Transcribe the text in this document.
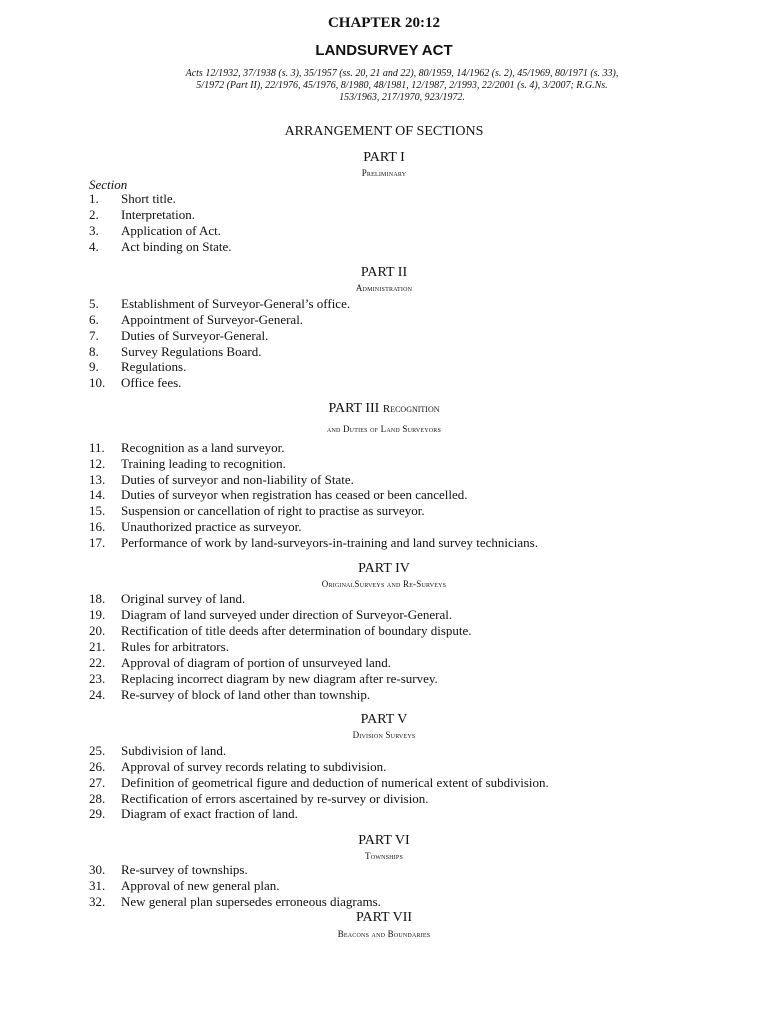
CHAPTER 20:12
LANDSURVEY ACT
Acts 12/1932, 37/1938 (s. 3), 35/1957 (ss. 20, 21 and 22), 80/1959, 14/1962 (s. 2), 45/1969, 80/1971 (s. 33),
5/1972 (Part II), 22/1976, 45/1976, 8/1980, 48/1981, 12/1987, 2/1993, 22/2001 (s. 4), 3/2007; R.G.Ns.
153/1963, 217/1970, 923/1972.
ARRANGEMENT OF SECTIONS
PART I
Preliminary
Section
1. Short title.
2. Interpretation.
3. Application of Act.
4. Act binding on State.
PART II
Administration
5. Establishment of Surveyor-General’s office.
6. Appointment of Surveyor-General.
7. Duties of Surveyor-General.
8. Survey Regulations Board.
9. Regulations.
10. Office fees.
PART III Recognition
and Duties of Land Surveyors
11. Recognition as a land surveyor.
12. Training leading to recognition.
13. Duties of surveyor and non-liability of State.
14. Duties of surveyor when registration has ceased or been cancelled.
15. Suspension or cancellation of right to practise as surveyor.
16. Unauthorized practice as surveyor.
17. Performance of work by land-surveyors-in-training and land survey technicians.
PART IV
OriginalSurveys and Re-Surveys
18. Original survey of land.
19. Diagram of land surveyed under direction of Surveyor-General.
20. Rectification of title deeds after determination of boundary dispute.
21. Rules for arbitrators.
22. Approval of diagram of portion of unsurveyed land.
23. Replacing incorrect diagram by new diagram after re-survey.
24. Re-survey of block of land other than township.
PART V
Division Surveys
25. Subdivision of land.
26. Approval of survey records relating to subdivision.
27. Definition of geometrical figure and deduction of numerical extent of subdivision.
28. Rectification of errors ascertained by re-survey or division.
29. Diagram of exact fraction of land.
PART VI
Townships
30. Re-survey of townships.
31. Approval of new general plan.
32. New general plan supersedes erroneous diagrams.
PART VII
Beacons and Boundaries
